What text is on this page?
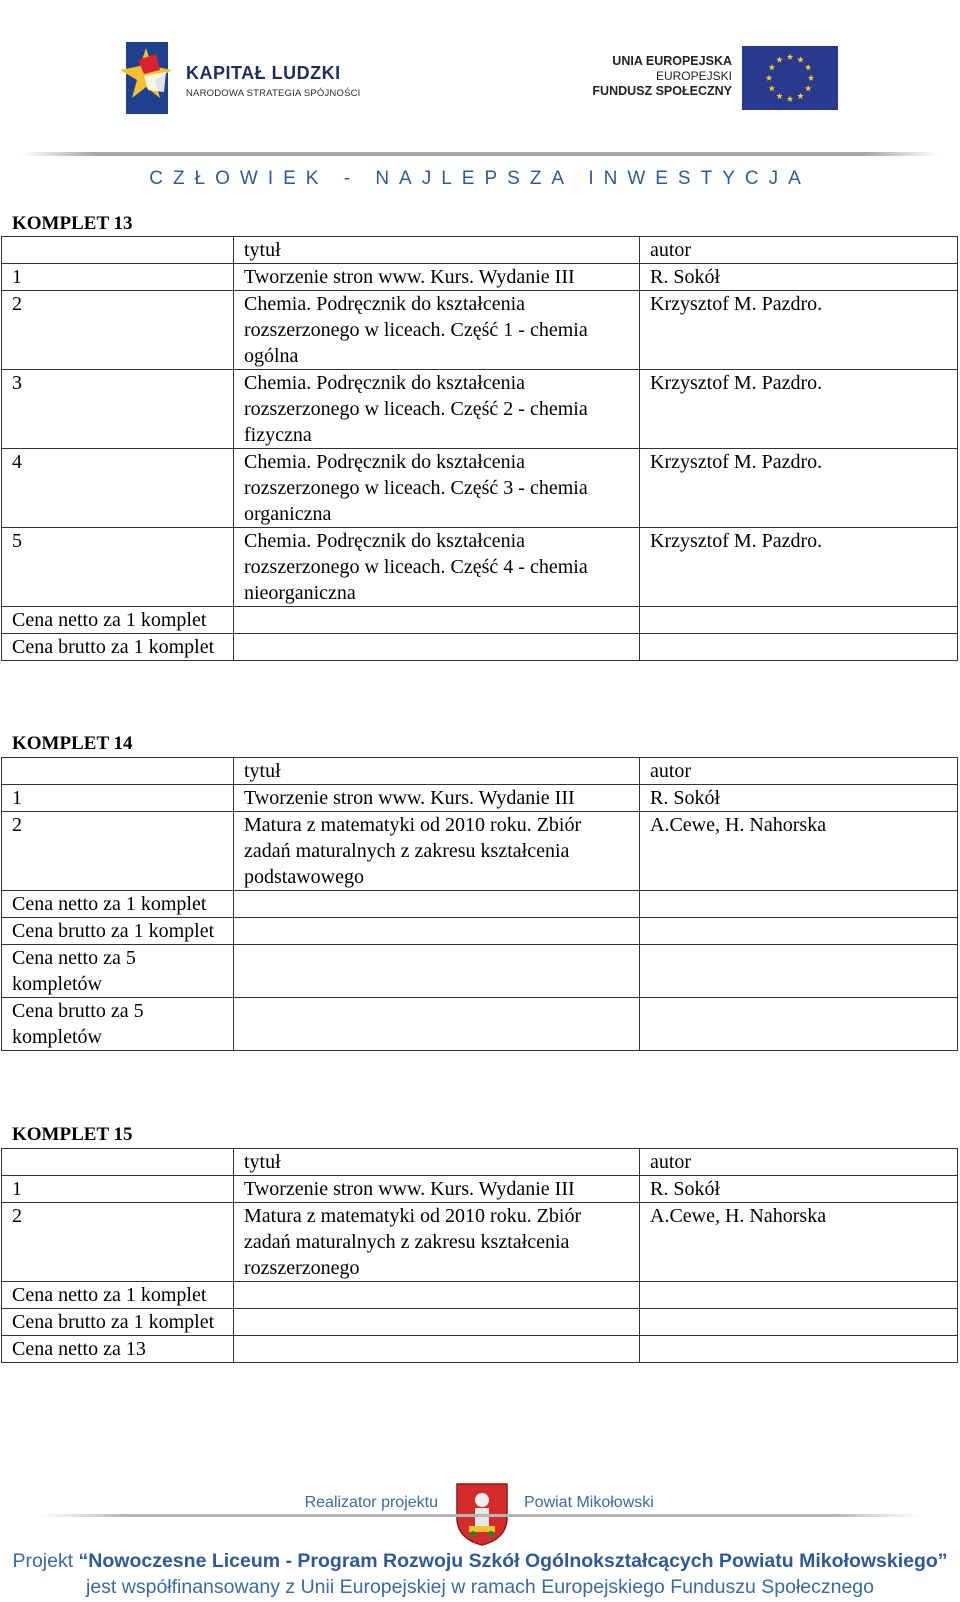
KAPITAŁ LUDZKI
NARODOWA STRATEGIA SPÓJNOŚCI
UNIA EUROPEJSKA
EUROPEJSKI
FUNDUSZ SPOŁECZNY
CZŁOWIEK - NAJLEPSZA INWESTYCJA
KOMPLET 13
	tytuł	autor
1	Tworzenie stron www. Kurs. Wydanie III	R. Sokół
2	Chemia. Podręcznik do kształcenia rozszerzonego w liceach. Część 1 - chemia ogólna	Krzysztof M. Pazdro.
3	Chemia. Podręcznik do kształcenia rozszerzonego w liceach. Część 2 - chemia fizyczna	Krzysztof M. Pazdro.
4	Chemia. Podręcznik do kształcenia rozszerzonego w liceach. Część 3 - chemia organiczna	Krzysztof M. Pazdro.
5	Chemia. Podręcznik do kształcenia rozszerzonego w liceach. Część 4 - chemia nieorganiczna	Krzysztof M. Pazdro.
Cena netto za 1 komplet		
Cena brutto za 1 komplet		
KOMPLET 14
	tytuł	autor
1	Tworzenie stron www. Kurs. Wydanie III	R. Sokół
2	Matura z matematyki od 2010 roku. Zbiór zadań maturalnych z zakresu kształcenia podstawowego	A.Cewe, H. Nahorska
Cena netto za 1 komplet		
Cena brutto za 1 komplet		
Cena netto za 5 kompletów		
Cena brutto za 5 kompletów		
KOMPLET 15
	tytuł	autor
1	Tworzenie stron www. Kurs. Wydanie III	R. Sokół
2	Matura z matematyki od 2010 roku. Zbiór zadań maturalnych z zakresu kształcenia rozszerzonego	A.Cewe, H. Nahorska
Cena netto za 1 komplet		
Cena brutto za 1 komplet		
Cena netto za 13		
Realizator projektu	Powiat Mikołowski
Projekt “Nowoczesne Liceum - Program Rozwoju Szkół Ogólnokształcących Powiatu Mikołowskiego”
jest współfinansowany z Unii Europejskiej w ramach Europejskiego Funduszu Społecznego
